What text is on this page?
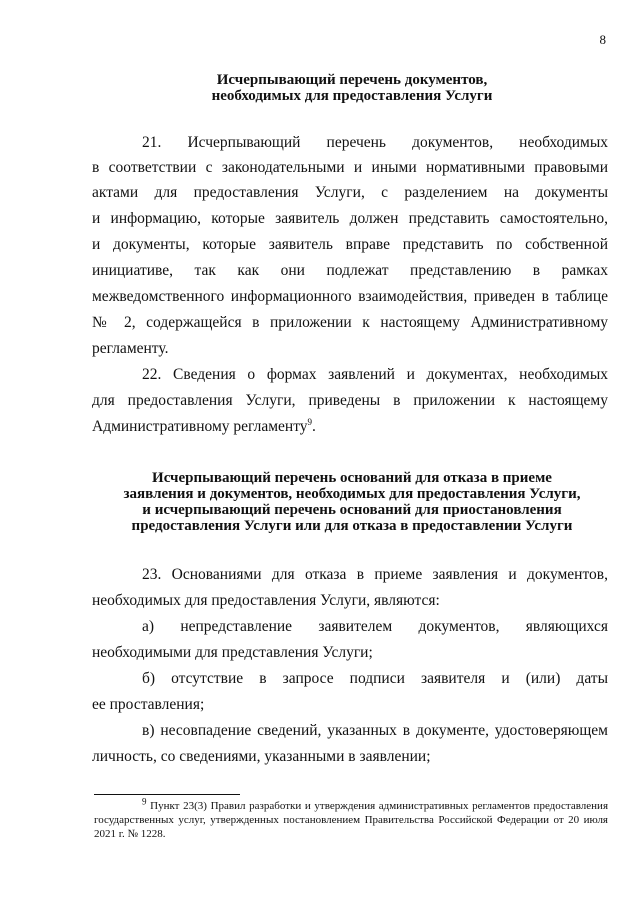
8
Исчерпывающий перечень документов,
необходимых для предоставления Услуги
21. Исчерпывающий перечень документов, необходимых
в соответствии с законодательными и иными нормативными правовыми
актами для предоставления Услуги, с разделением на документы
и информацию, которые заявитель должен представить самостоятельно,
и документы, которые заявитель вправе представить по собственной
инициативе, так как они подлежат представлению в рамках
межведомственного информационного взаимодействия, приведен в таблице
№ 2, содержащейся в приложении к настоящему Административному
регламенту.
22. Сведения о формах заявлений и документах, необходимых
для предоставления Услуги, приведены в приложении к настоящему
Административному регламенту$^9$.
Исчерпывающий перечень оснований для отказа в приеме
заявления и документов, необходимых для предоставления Услуги,
и исчерпывающий перечень оснований для приостановления
предоставления Услуги или для отказа в предоставлении Услуги
23. Основаниями для отказа в приеме заявления и документов,
необходимых для предоставления Услуги, являются:
а) непредставление заявителем документов, являющихся
необходимыми для представления Услуги;
б) отсутствие в запросе подписи заявителя и (или) даты
ее проставления;
в) несовпадение сведений, указанных в документе, удостоверяющем
личность, со сведениями, указанными в заявлении;
$^9$ Пункт 23(3) Правил разработки и утверждения административных регламентов предоставления
государственных услуг, утвержденных постановлением Правительства Российской Федерации от 20 июля
2021 г. № 1228.
